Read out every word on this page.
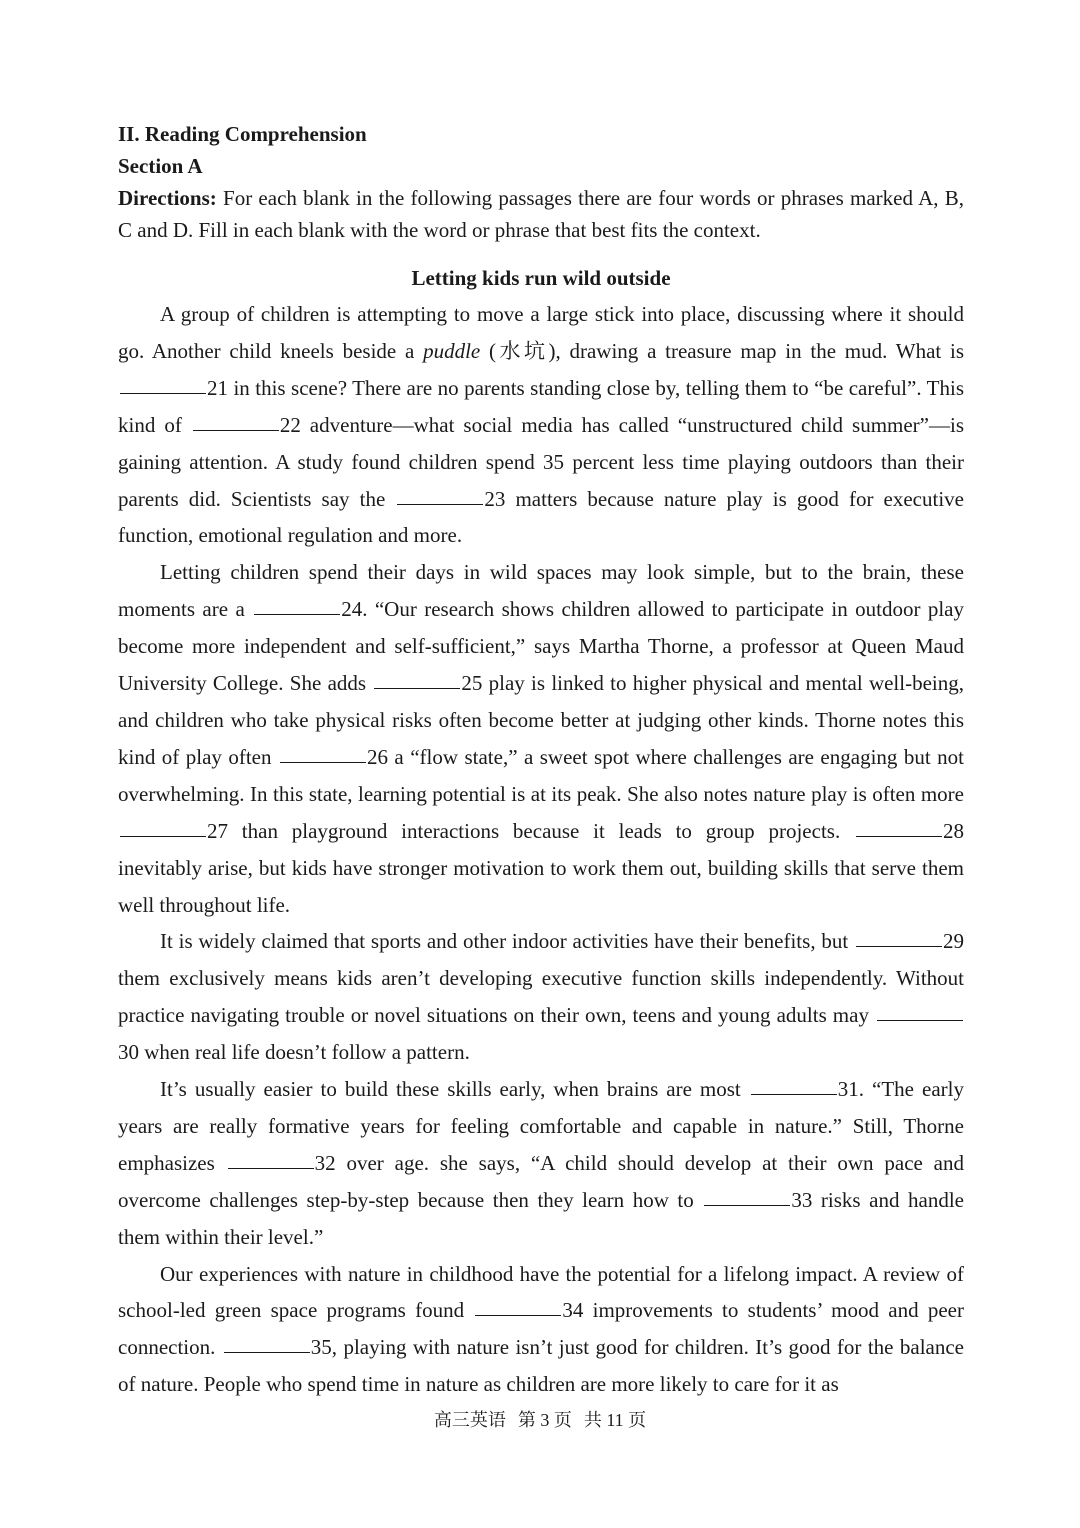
II. Reading Comprehension

Section A

Directions: For each blank in the following passages there are four words or phrases marked A, B, C and D. Fill in each blank with the word or phrase that best fits the context.

Letting kids run wild outside

A group of children is attempting to move a large stick into place, discussing where it should go. Another child kneels beside a puddle (水坑), drawing a treasure map in the mud. What is 21 in this scene? There are no parents standing close by, telling them to “be careful”. This kind of	22 adventure—what social media has called “unstructured child summer”—is gaining attention. A study found children spend 35 percent less time playing outdoors than their parents did. Scientists say the	23 matters because nature play is good for executive function, emotional regulation and more.

Letting children spend their days in wild spaces may look simple, but to the brain, these moments are a	24. “Our research shows children allowed to participate in outdoor play become more independent and self-sufficient,” says Martha Thorne, a professor at Queen Maud University College. She adds	25 play is linked to higher physical and mental well-being, and children who take physical risks often become better at judging other kinds. Thorne notes this kind of play often	26 a “flow state,” a sweet spot where challenges are engaging but not overwhelming. In this state, learning potential is at its peak. She also notes nature play is often more 27 than playground interactions because it leads to group projects.	28 inevitably arise, but kids have stronger motivation to work them out, building skills that serve them well throughout life.

It is widely claimed that sports and other indoor activities have their benefits, but	29 them exclusively means kids aren’t developing executive function skills independently. Without practice navigating trouble or novel situations on their own, teens and young adults may 30 when real life doesn’t follow a pattern.

It’s usually easier to build these skills early, when brains are most	31. “The early years are really formative years for feeling comfortable and capable in nature.” Still, Thorne emphasizes	32 over age. she says, “A child should develop at their own pace and overcome challenges step-by-step because then they learn how to	33 risks and handle them within their level.”

Our experiences with nature in childhood have the potential for a lifelong impact. A review of school-led green space programs found	34 improvements to students’ mood and peer connection.	35, playing with nature isn’t just good for children. It’s good for the balance of nature. People who spend time in nature as children are more likely to care for it as

高三英语 第 3 页 共 11 页
